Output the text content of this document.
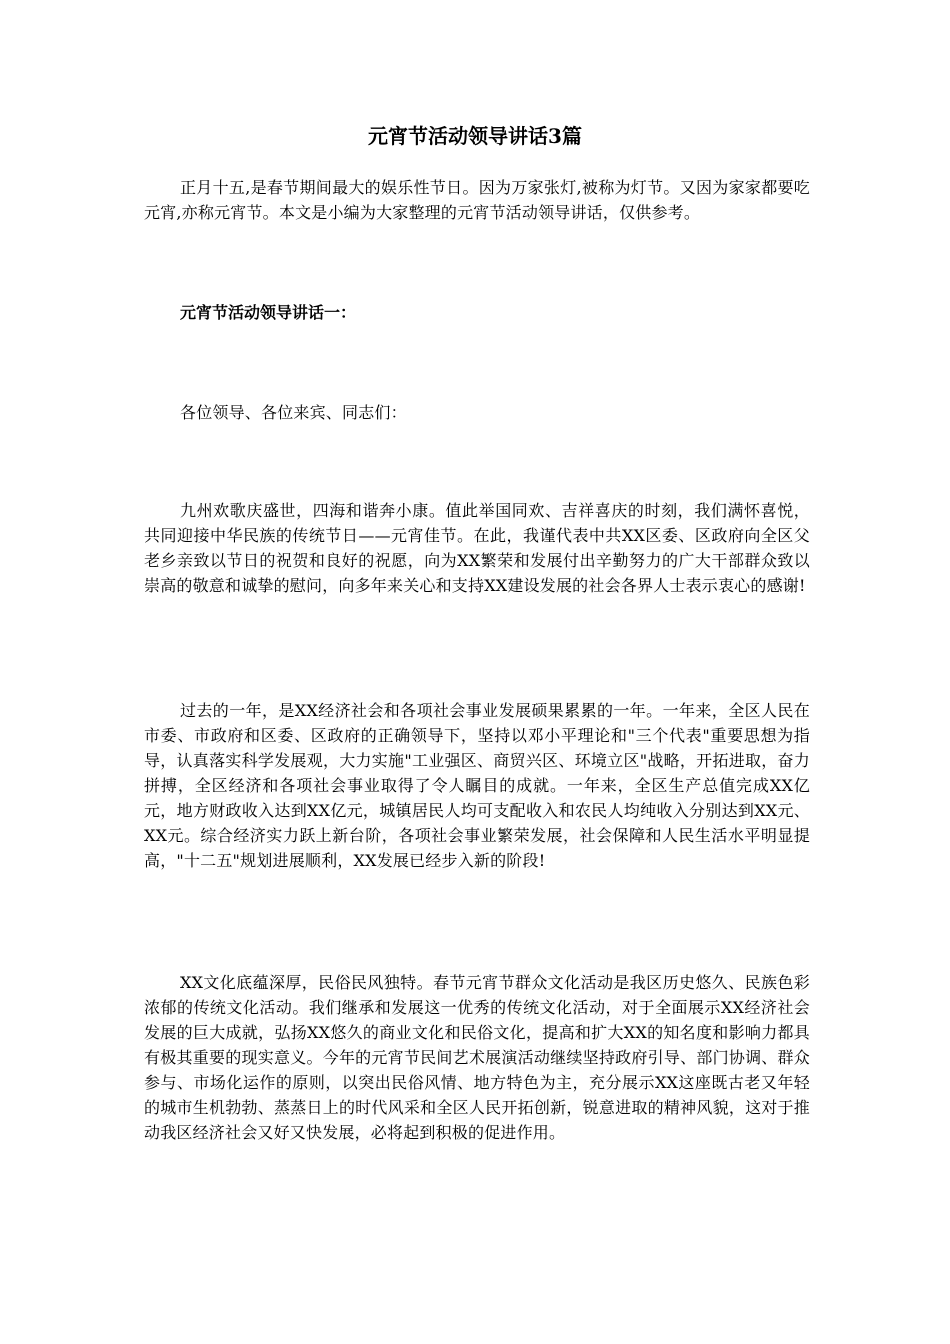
元宵节活动领导讲话3篇

正月十五,是春节期间最大的娱乐性节日。因为万家张灯,被称为灯节。又因为家家都要吃元宵,亦称元宵节。本文是小编为大家整理的元宵节活动领导讲话，仅供参考。

元宵节活动领导讲话一：

各位领导、各位来宾、同志们：

九州欢歌庆盛世，四海和谐奔小康。值此举国同欢、吉祥喜庆的时刻，我们满怀喜悦，共同迎接中华民族的传统节日——元宵佳节。在此，我谨代表中共XX区委、区政府向全区父老乡亲致以节日的祝贺和良好的祝愿，向为XX繁荣和发展付出辛勤努力的广大干部群众致以崇高的敬意和诚挚的慰问，向多年来关心和支持XX建设发展的社会各界人士表示衷心的感谢!

过去的一年，是XX经济社会和各项社会事业发展硕果累累的一年。一年来，全区人民在市委、市政府和区委、区政府的正确领导下，坚持以邓小平理论和"三个代表"重要思想为指导，认真落实科学发展观，大力实施"工业强区、商贸兴区、环境立区"战略，开拓进取，奋力拼搏，全区经济和各项社会事业取得了令人瞩目的成就。一年来，全区生产总值完成XX亿元，地方财政收入达到XX亿元，城镇居民人均可支配收入和农民人均纯收入分别达到XX元、XX元。综合经济实力跃上新台阶，各项社会事业繁荣发展，社会保障和人民生活水平明显提高，"十二五"规划进展顺利，XX发展已经步入新的阶段!

XX文化底蕴深厚，民俗民风独特。春节元宵节群众文化活动是我区历史悠久、民族色彩浓郁的传统文化活动。我们继承和发展这一优秀的传统文化活动，对于全面展示XX经济社会发展的巨大成就，弘扬XX悠久的商业文化和民俗文化，提高和扩大XX的知名度和影响力都具有极其重要的现实意义。今年的元宵节民间艺术展演活动继续坚持政府引导、部门协调、群众参与、市场化运作的原则，以突出民俗风情、地方特色为主，充分展示XX这座既古老又年轻的城市生机勃勃、蒸蒸日上的时代风采和全区人民开拓创新，锐意进取的精神风貌，这对于推动我区经济社会又好又快发展，必将起到积极的促进作用。
